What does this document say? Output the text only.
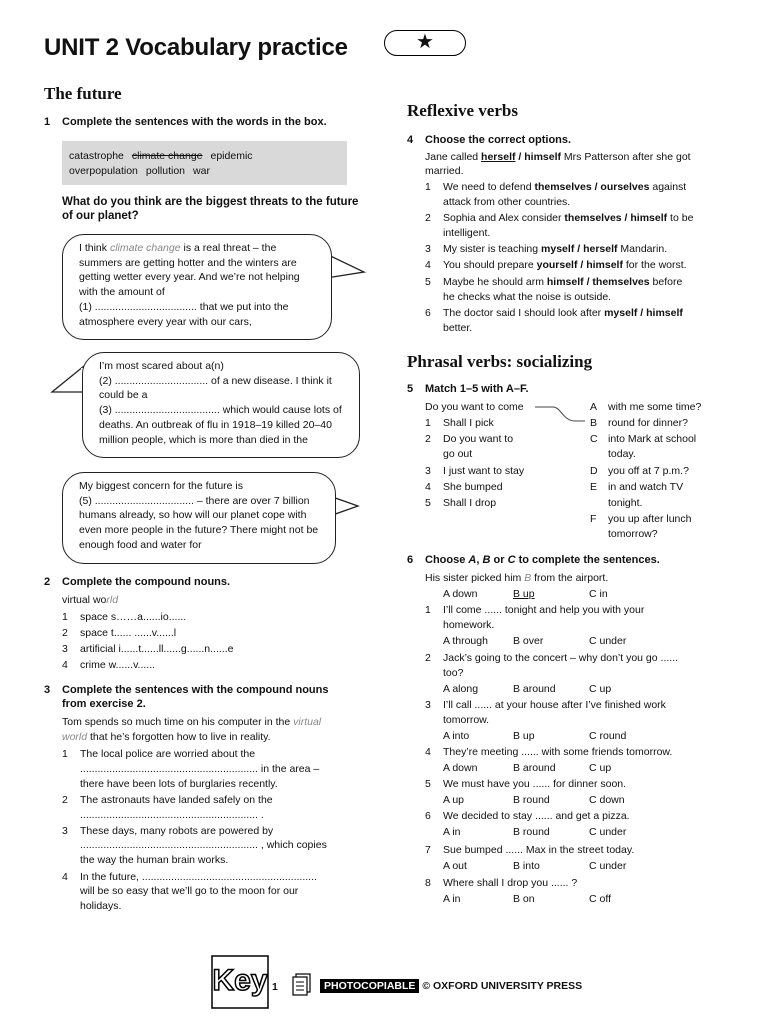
UNIT 2 Vocabulary practice	★
The future
1 Complete the sentences with the words in the box.
catastrophe climate change epidemic
overpopulation pollution war
What do you think are the biggest threats to the future of our planet?
I think climate change is a real threat – the summers are getting hotter and the winters are getting wetter every year. And we’re not helping with the amount of
(1) ................................... that we put into the atmosphere every year with our cars,
I’m most scared about a(n)
(2) ................................ of a new disease. I think it could be a
(3) .................................... which would cause lots of deaths. An outbreak of flu in 1918–19 killed 20–40 million people, which is more than died in the
My biggest concern for the future is
(5) .................................. – there are over 7 billion humans already, so how will our planet cope with even more people in the future? There might not be enough food and water for
2 Complete the compound nouns.
virtual world
1 space s……a......io......
2 space t...... ......v......l
3 artificial i......t......ll......g......n......e
4 crime w......v......
3 Complete the sentences with the compound nouns
from exercise 2.
Tom spends so much time on his computer in the virtual
world that he’s forgotten how to live in reality.
1 The local police are worried about the
............................................................. in the area –
there have been lots of burglaries recently.
2 The astronauts have landed safely on the
............................................................. .
3 These days, many robots are powered by
............................................................. , which copies
the way the human brain works.
4 In the future, ............................................................
will be so easy that we’ll go to the moon for our
holidays.
Reflexive verbs
4 Choose the correct options.
Jane called herself / himself Mrs Patterson after she got
married.
1 We need to defend themselves / ourselves against
attack from other countries.
2 Sophia and Alex consider themselves / himself to be
intelligent.
3 My sister is teaching myself / herself Mandarin.
4 You should prepare yourself / himself for the worst.
5 Maybe he should arm himself / themselves before
he checks what the noise is outside.
6 The doctor said I should look after myself / himself
better.
Phrasal verbs: socializing
5 Match 1–5 with A–F.
Do you want to come
1 Shall I pick
2 Do you want to
go out
3 I just want to stay
4 She bumped
5 Shall I drop
A with me some time?
B round for dinner?
C into Mark at school
today.
D you off at 7 p.m.?
E in and watch TV
tonight.
F you up after lunch
tomorrow?
6 Choose A, B or C to complete the sentences.
His sister picked him B from the airport.
A down	B up	C in
1 I’ll come ...... tonight and help you with your
homework.
A through B over	C under
2 Jack’s going to the concert – why don’t you go ......
too?
A along	B around	C up
3 I’ll call ...... at your house after I’ve finished work
tomorrow.
A into	B up	C round
4 They’re meeting ...... with some friends tomorrow.
A down	B around	C up
5 We must have you ...... for dinner soon.
A up	B round	C down
6 We decided to stay ...... and get a pizza.
A in	B round	C under
7 Sue bumped ...... Max in the street today.
A out	B into	C under
8 Where shall I drop you ...... ?
A in	B on	C off
Key 1	PHOTOCOPIABLE © OXFORD UNIVERSITY PRESS
